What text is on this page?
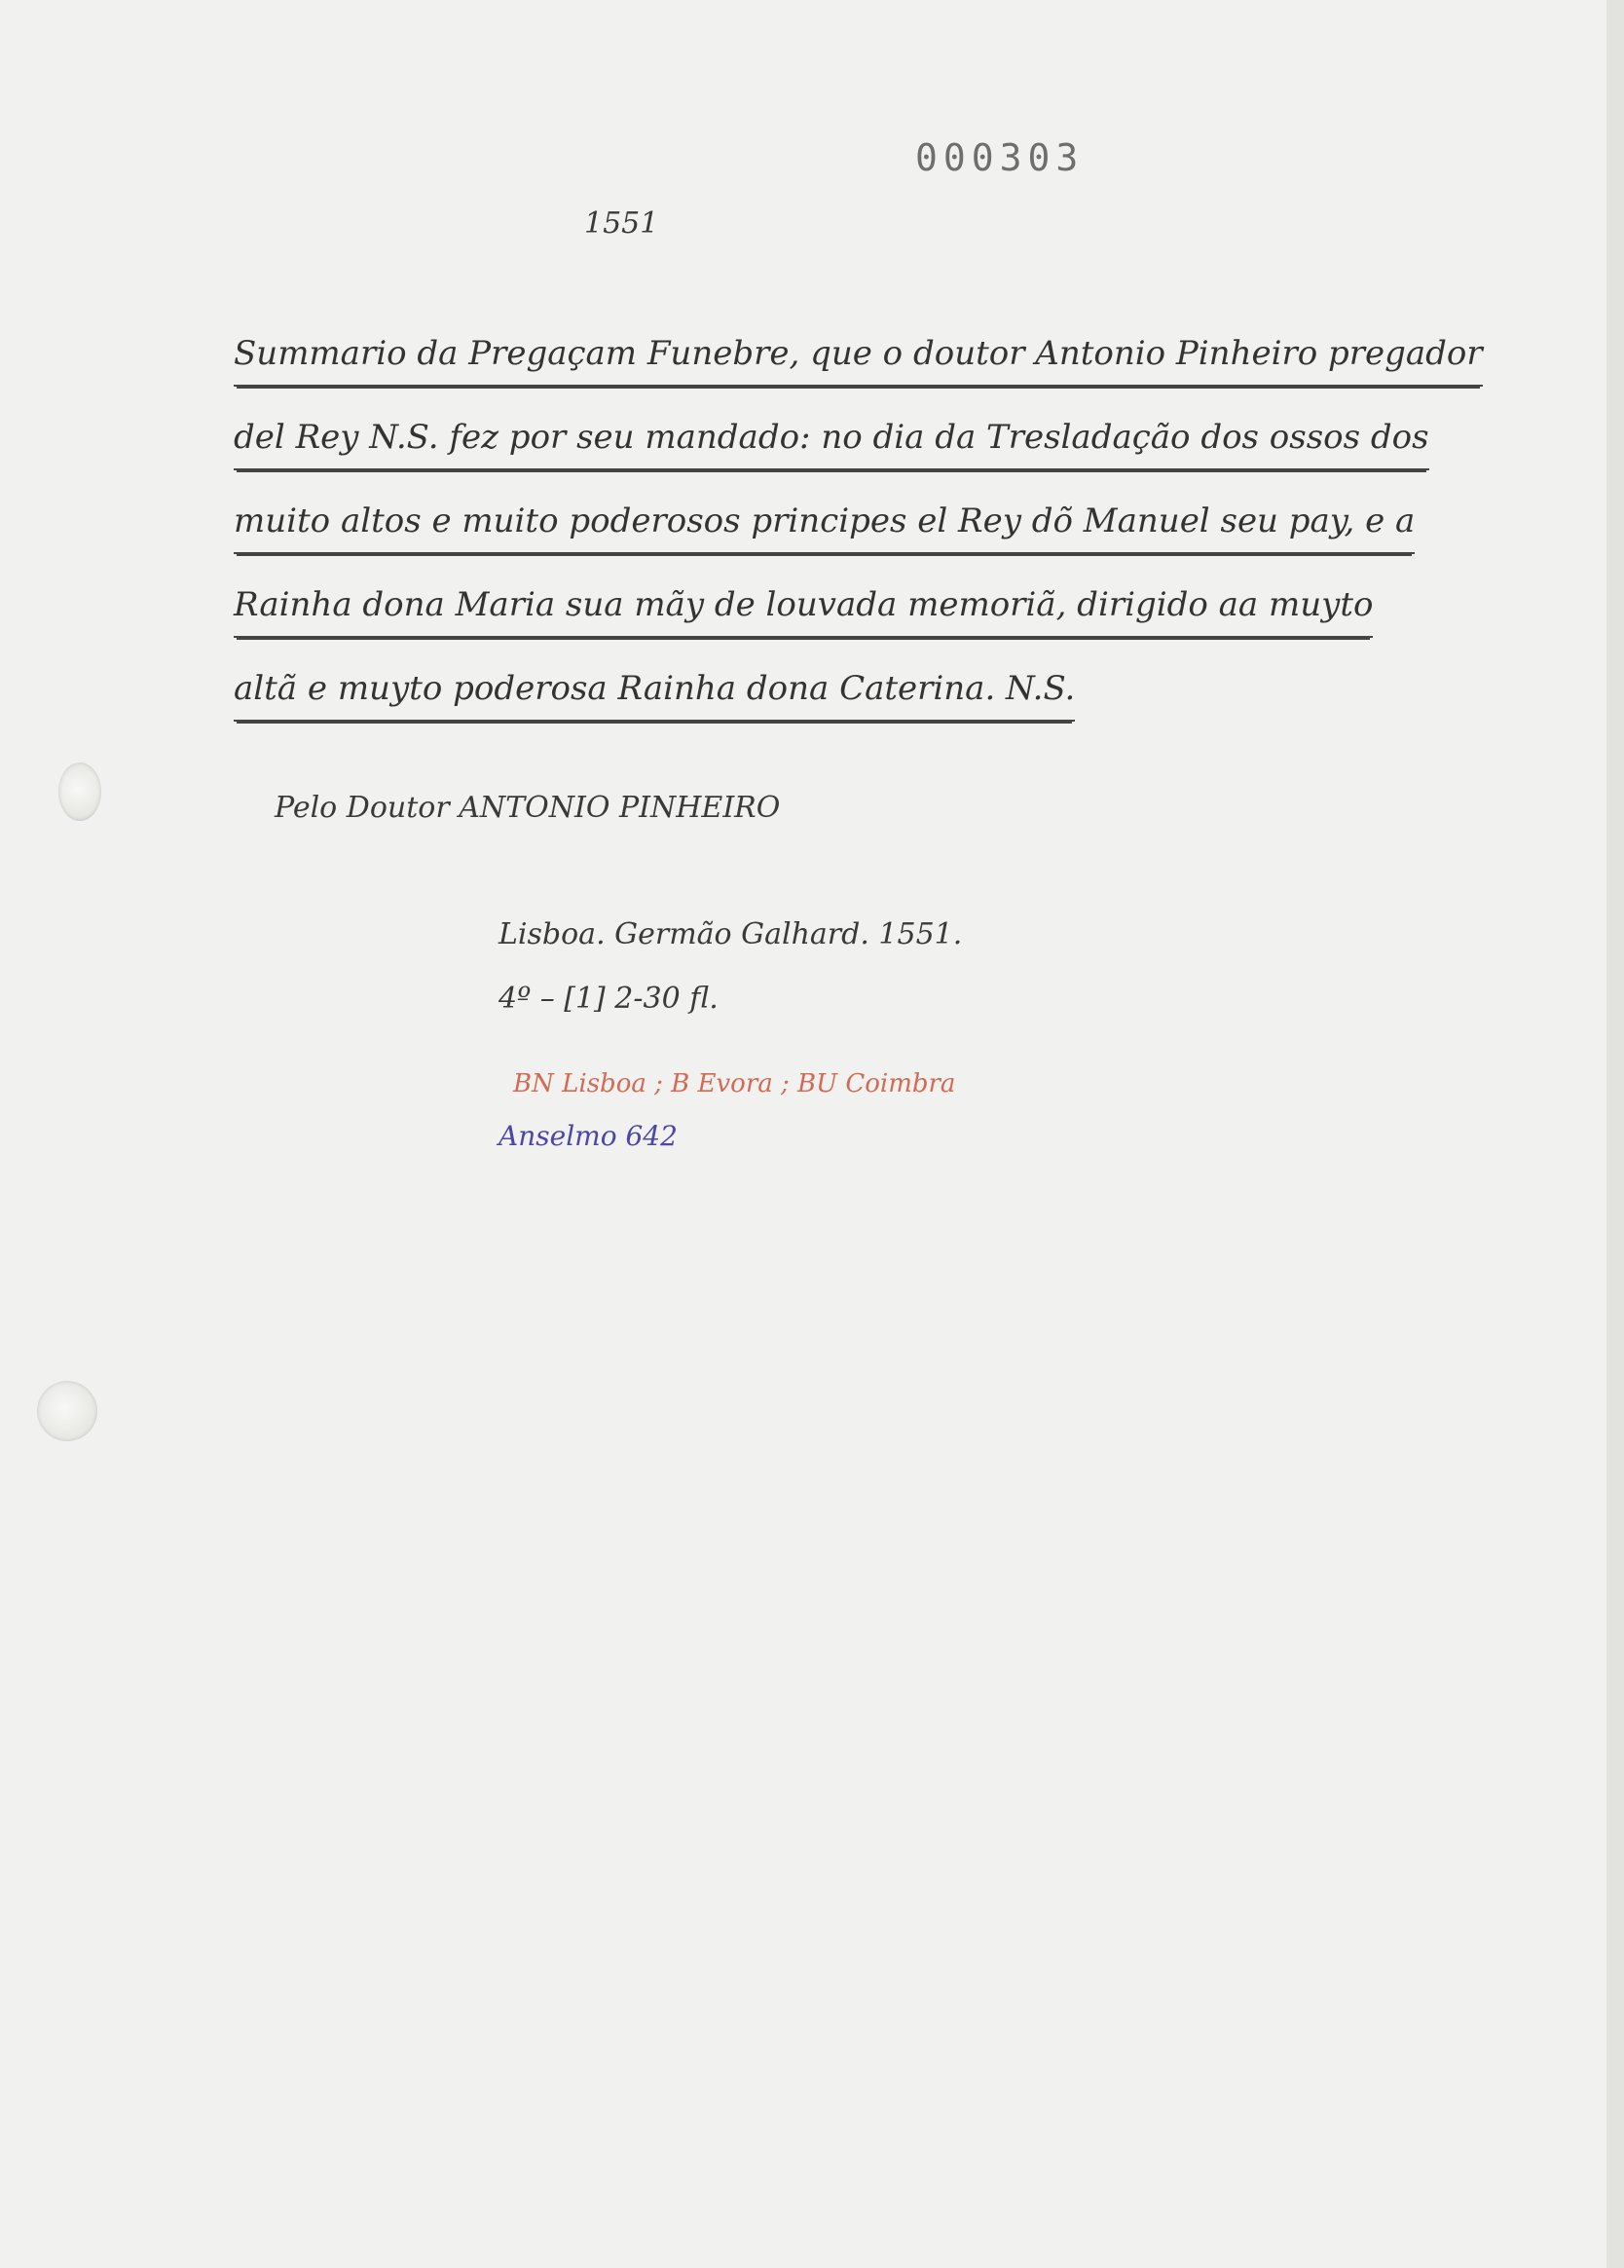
000303
1551
Summario da Pregaçam Funebre, que o doutor Antonio Pinheiro pregador
del Rey N.S. fez por seu mandado: no dia da Tresladação dos ossos dos
muito altos e muito poderosos principes el Rey dõ Manuel seu pay, e a
Rainha dona Maria sua mãy de louvada memoriã, dirigido aa muyto
altã e muyto poderosa Rainha dona Caterina. N.S.
Pelo Doutor ANTONIO PINHEIRO
Lisboa. Germão Galhard. 1551.
4º – [1] 2-30 fl.
BN Lisboa ; B Evora ; BU Coimbra
Anselmo 642
